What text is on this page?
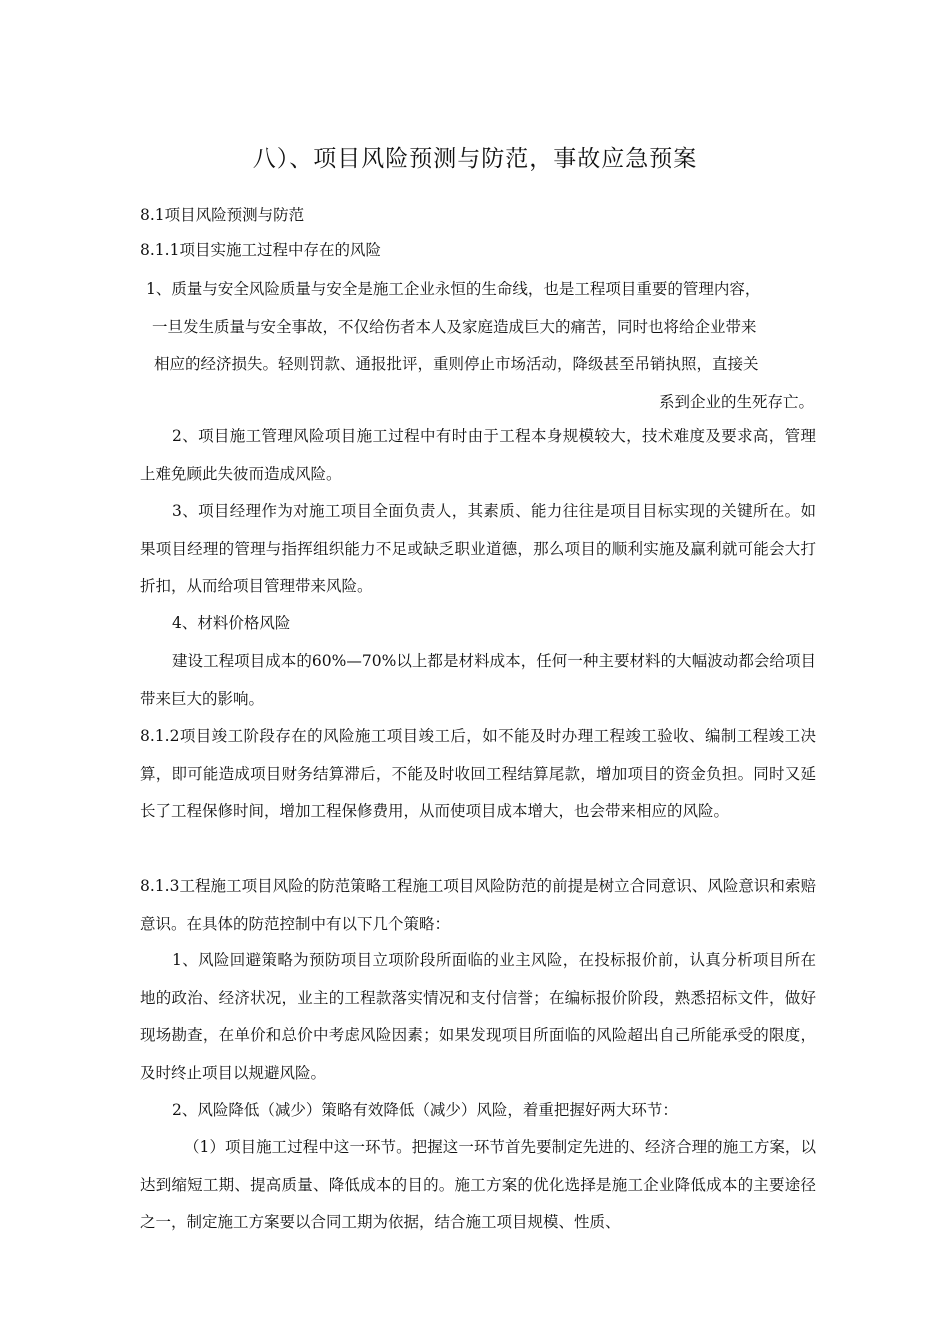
八）、项目风险预测与防范，事故应急预案

8.1项目风险预测与防范

8.1.1项目实施工过程中存在的风险

1、质量与安全风险质量与安全是施工企业永恒的生命线，也是工程项目重要的管理内容，

一旦发生质量与安全事故，不仅给伤者本人及家庭造成巨大的痛苦，同时也将给企业带来

相应的经济损失。轻则罚款、通报批评，重则停止市场活动，降级甚至吊销执照，直接关

系到企业的生死存亡。

2、项目施工管理风险项目施工过程中有时由于工程本身规模较大，技术难度及要求高，管理上难免顾此失彼而造成风险。

3、项目经理作为对施工项目全面负责人，其素质、能力往往是项目目标实现的关键所在。如果项目经理的管理与指挥组织能力不足或缺乏职业道德，那么项目的顺利实施及赢利就可能会大打折扣，从而给项目管理带来风险。

4、材料价格风险

建设工程项目成本的60%—70%以上都是材料成本，任何一种主要材料的大幅波动都会给项目带来巨大的影响。

8.1.2项目竣工阶段存在的风险施工项目竣工后，如不能及时办理工程竣工验收、编制工程竣工决算，即可能造成项目财务结算滞后，不能及时收回工程结算尾款，增加项目的资金负担。同时又延长了工程保修时间，增加工程保修费用，从而使项目成本增大，也会带来相应的风险。

8.1.3工程施工项目风险的防范策略工程施工项目风险防范的前提是树立合同意识、风险意识和索赔意识。在具体的防范控制中有以下几个策略：

1、风险回避策略为预防项目立项阶段所面临的业主风险，在投标报价前，认真分析项目所在地的政治、经济状况，业主的工程款落实情况和支付信誉；在编标报价阶段，熟悉招标文件，做好现场勘查，在单价和总价中考虑风险因素；如果发现项目所面临的风险超出自己所能承受的限度，及时终止项目以规避风险。

2、风险降低（减少）策略有效降低（减少）风险，着重把握好两大环节：

（1）项目施工过程中这一环节。把握这一环节首先要制定先进的、经济合理的施工方案，以达到缩短工期、提高质量、降低成本的目的。施工方案的优化选择是施工企业降低成本的主要途径之一，制定施工方案要以合同工期为依据，结合施工项目规模、性质、
